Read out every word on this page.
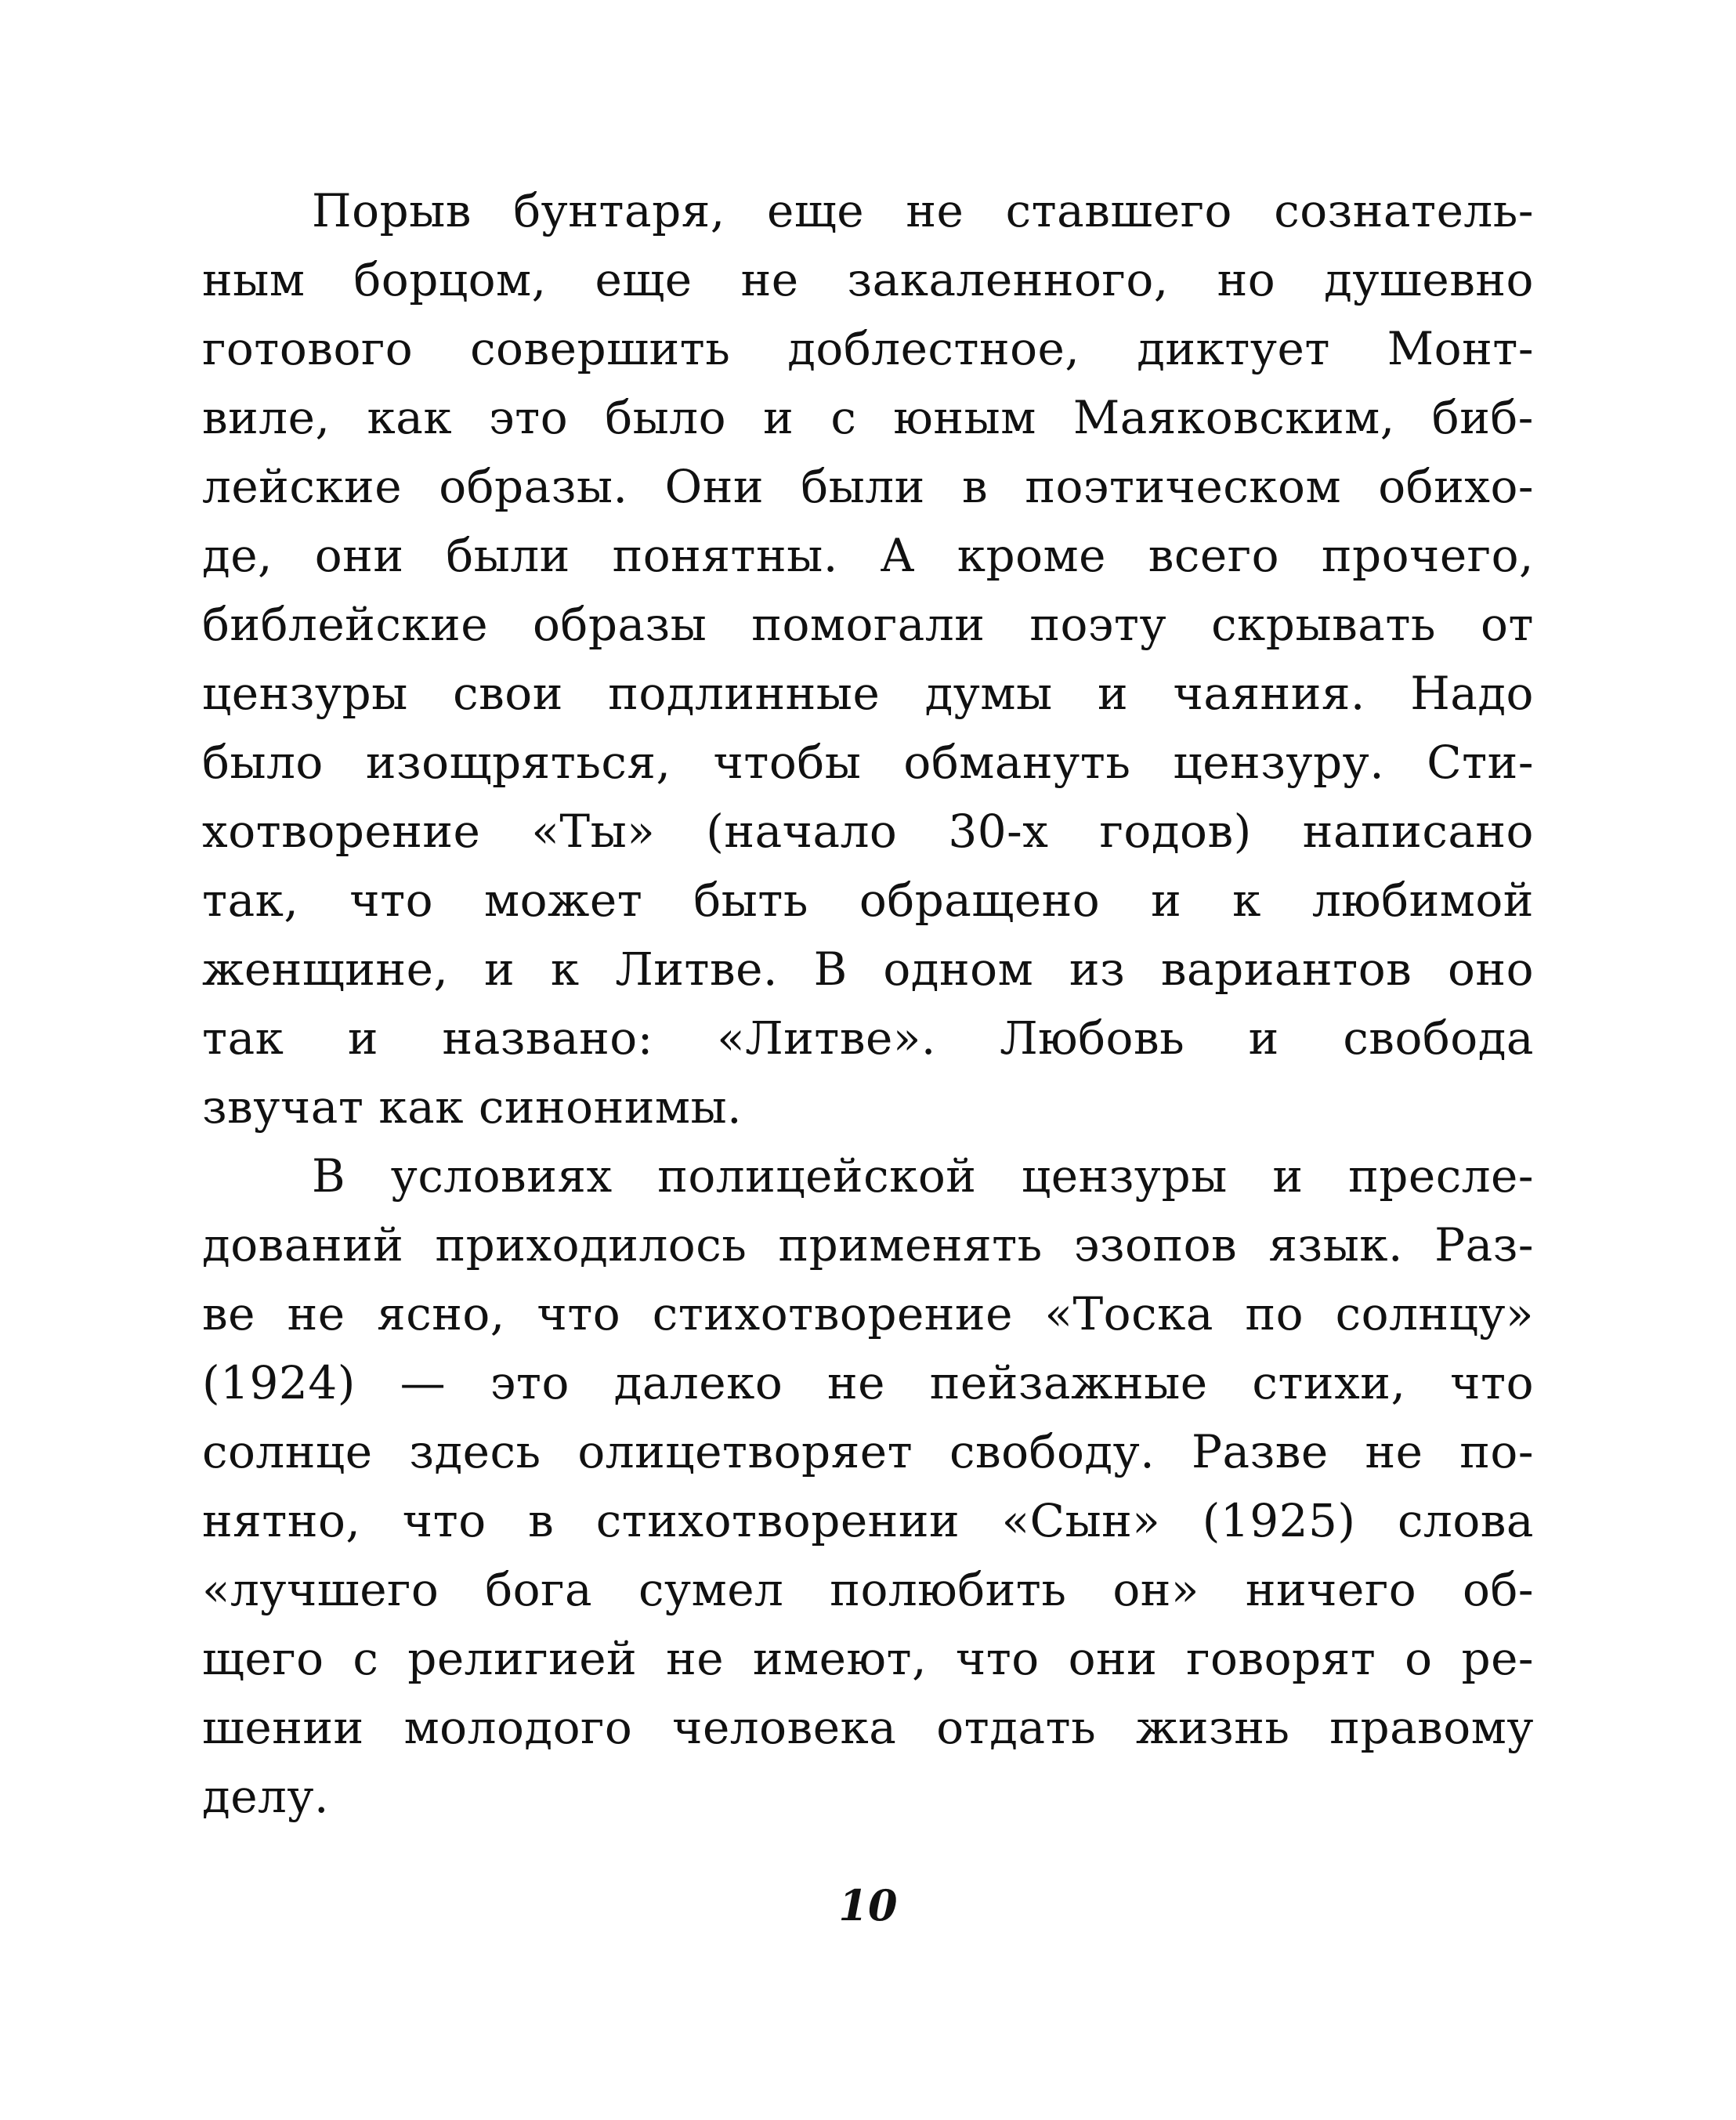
Порыв бунтаря, еще не ставшего сознатель-
ным борцом, еще не закаленного, но душевно
готового совершить доблестное, диктует Монт-
виле, как это было и с юным Маяковским, биб-
лейские образы. Они были в поэтическом обихо-
де, они были понятны. А кроме всего прочего,
библейские образы помогали поэту скрывать от
цензуры свои подлинные думы и чаяния. Надо
было изощряться, чтобы обмануть цензуру. Сти-
хотворение «Ты» (начало 30-х годов) написано
так, что может быть обращено и к любимой
женщине, и к Литве. В одном из вариантов оно
так и названо: «Литве». Любовь и свобода
звучат как синонимы.
В условиях полицейской цензуры и пресле-
дований приходилось применять эзопов язык. Раз-
ве не ясно, что стихотворение «Тоска по солнцу»
(1924) — это далеко не пейзажные стихи, что
солнце здесь олицетворяет свободу. Разве не по-
нятно, что в стихотворении «Сын» (1925) слова
«лучшего бога сумел полюбить он» ничего об-
щего с религией не имеют, что они говорят о ре-
шении молодого человека отдать жизнь правому
делу.
10
